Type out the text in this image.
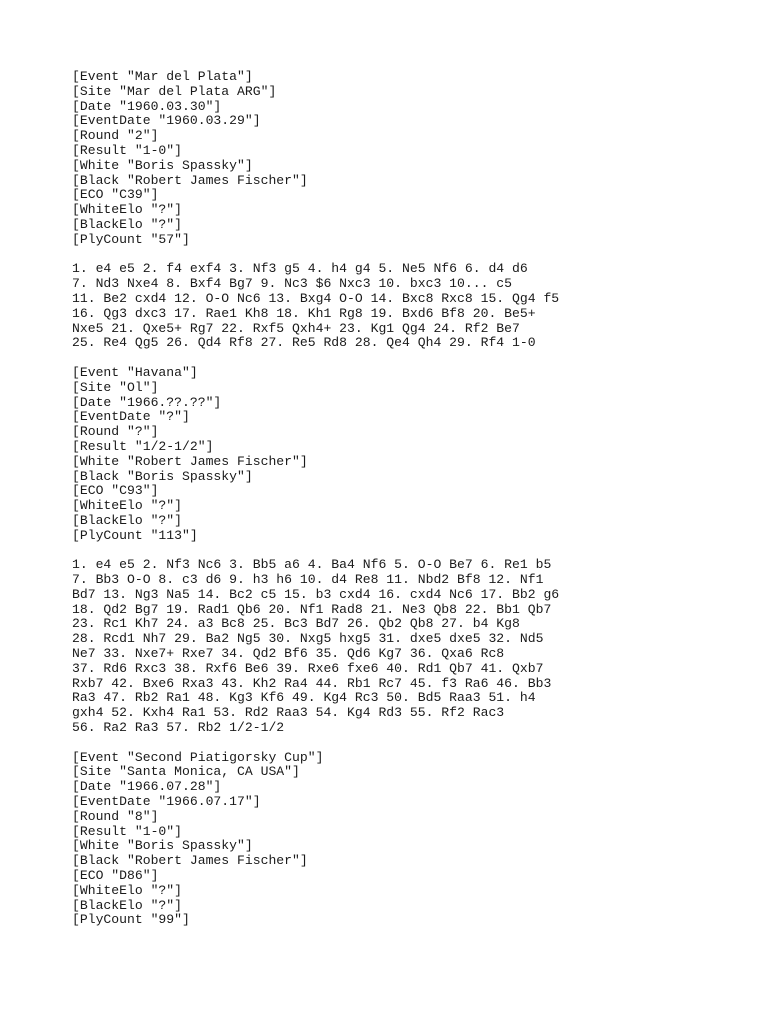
[Event "Mar del Plata"]
[Site "Mar del Plata ARG"]
[Date "1960.03.30"]
[EventDate "1960.03.29"]
[Round "2"]
[Result "1-0"]
[White "Boris Spassky"]
[Black "Robert James Fischer"]
[ECO "C39"]
[WhiteElo "?"]
[BlackElo "?"]
[PlyCount "57"]
1. e4 e5 2. f4 exf4 3. Nf3 g5 4. h4 g4 5. Ne5 Nf6 6. d4 d6
7. Nd3 Nxe4 8. Bxf4 Bg7 9. Nc3 $6 Nxc3 10. bxc3 10... c5
11. Be2 cxd4 12. O-O Nc6 13. Bxg4 O-O 14. Bxc8 Rxc8 15. Qg4 f5
16. Qg3 dxc3 17. Rae1 Kh8 18. Kh1 Rg8 19. Bxd6 Bf8 20. Be5+
Nxe5 21. Qxe5+ Rg7 22. Rxf5 Qxh4+ 23. Kg1 Qg4 24. Rf2 Be7
25. Re4 Qg5 26. Qd4 Rf8 27. Re5 Rd8 28. Qe4 Qh4 29. Rf4 1-0
[Event "Havana"]
[Site "Ol"]
[Date "1966.??.??"]
[EventDate "?"]
[Round "?"]
[Result "1/2-1/2"]
[White "Robert James Fischer"]
[Black "Boris Spassky"]
[ECO "C93"]
[WhiteElo "?"]
[BlackElo "?"]
[PlyCount "113"]
1. e4 e5 2. Nf3 Nc6 3. Bb5 a6 4. Ba4 Nf6 5. O-O Be7 6. Re1 b5
7. Bb3 O-O 8. c3 d6 9. h3 h6 10. d4 Re8 11. Nbd2 Bf8 12. Nf1
Bd7 13. Ng3 Na5 14. Bc2 c5 15. b3 cxd4 16. cxd4 Nc6 17. Bb2 g6
18. Qd2 Bg7 19. Rad1 Qb6 20. Nf1 Rad8 21. Ne3 Qb8 22. Bb1 Qb7
23. Rc1 Kh7 24. a3 Bc8 25. Bc3 Bd7 26. Qb2 Qb8 27. b4 Kg8
28. Rcd1 Nh7 29. Ba2 Ng5 30. Nxg5 hxg5 31. dxe5 dxe5 32. Nd5
Ne7 33. Nxe7+ Rxe7 34. Qd2 Bf6 35. Qd6 Kg7 36. Qxa6 Rc8
37. Rd6 Rxc3 38. Rxf6 Be6 39. Rxe6 fxe6 40. Rd1 Qb7 41. Qxb7
Rxb7 42. Bxe6 Rxa3 43. Kh2 Ra4 44. Rb1 Rc7 45. f3 Ra6 46. Bb3
Ra3 47. Rb2 Ra1 48. Kg3 Kf6 49. Kg4 Rc3 50. Bd5 Raa3 51. h4
gxh4 52. Kxh4 Ra1 53. Rd2 Raa3 54. Kg4 Rd3 55. Rf2 Rac3
56. Ra2 Ra3 57. Rb2 1/2-1/2
[Event "Second Piatigorsky Cup"]
[Site "Santa Monica, CA USA"]
[Date "1966.07.28"]
[EventDate "1966.07.17"]
[Round "8"]
[Result "1-0"]
[White "Boris Spassky"]
[Black "Robert James Fischer"]
[ECO "D86"]
[WhiteElo "?"]
[BlackElo "?"]
[PlyCount "99"]
